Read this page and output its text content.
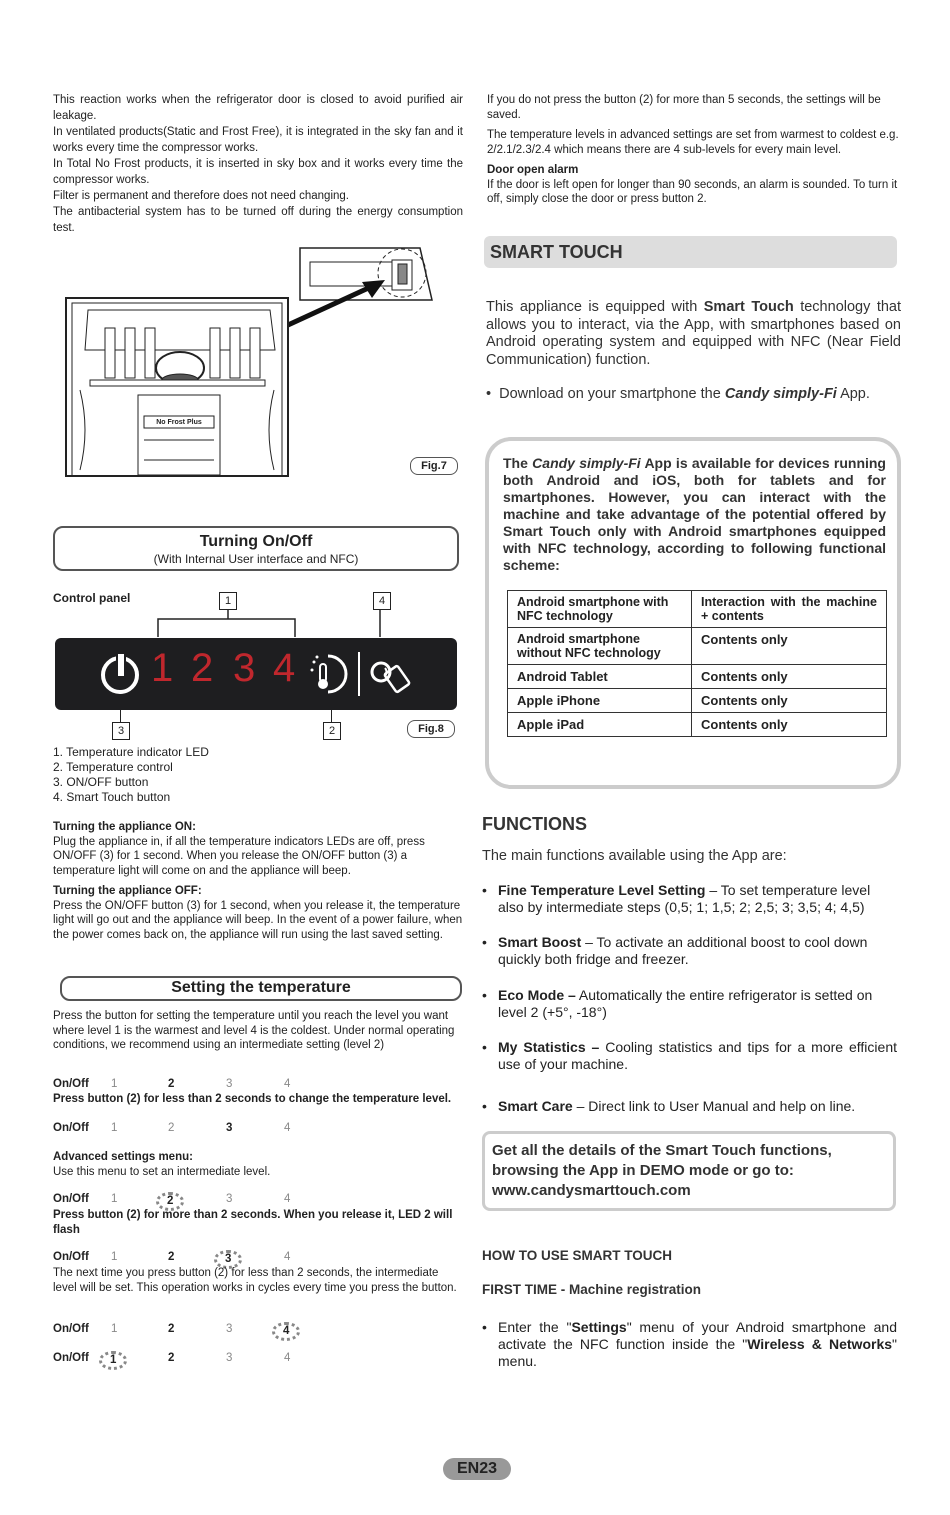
This reaction works when the refrigerator door is closed to avoid purified air leakage.

In ventilated products(Static and Frost Free), it is integrated in the sky fan and it works every time the compressor works.

In Total No Frost products, it is inserted in sky box and it works every time the compressor works.

Filter is permanent and therefore does not need changing.

The antibacterial system has to be turned off during the energy consumption test.

No Frost Plus
Fig.7
Turning On/Off
(With Internal User interface and NFC)
Control panel	1	4
1 2 3 4
3	2	Fig.8
1. Temperature indicator LED
2. Temperature control
3. ON/OFF button
4. Smart Touch button

Turning the appliance ON:

Plug the appliance in, if all the temperature indicators LEDs are off, press ON/OFF (3) for 1 second. When you release the ON/OFF button (3) a temperature light will come on and the appliance will beep.

Turning the appliance OFF:

Press the ON/OFF button (3) for 1 second, when you release it, the temperature light will go out and the appliance will beep. In the event of a power failure, when the power comes back on, the appliance will run using the last saved setting.

Setting the temperature

Press the button for setting the temperature until you reach the level you want where level 1 is the warmest and level 4 is the coldest. Under normal operating conditions, we recommend using an intermediate setting (level 2)

On/Off 1	2	3	4
Press button (2) for less than 2 seconds to change the temperature level.
On/Off 1	2	3	4

Advanced settings menu:

Use this menu to set an intermediate level.

On/Off 1	2	3	4
Press button (2) for more than 2 seconds. When you release it, LED 2 will flash
On/Off 1	2	3	4

The next time you press button (2) for less than 2 seconds, the intermediate level will be set. This operation works in cycles every time you press the button.

On/Off 1	2	3	4
On/Off	1	2	3	4

If you do not press the button (2) for more than 5 seconds, the settings will be saved.

The temperature levels in advanced settings are set from warmest to coldest e.g. 2/2.1/2.3/2.4 which means there are 4 sub-levels for every main level.

Door open alarm

If the door is left open for longer than 90 seconds, an alarm is sounded. To turn it off, simply close the door or press button 2.

SMART TOUCH
This appliance is equipped with Smart Touch technology that allows you to interact, via the App, with smartphones based on Android operating system and equipped with NFC (Near Field Communication) function.
•  Download on your smartphone the Candy simply-Fi App.
The Candy simply-Fi App is available for devices running both Android and iOS, both for tablets and for smartphones. However, you can interact with the machine and take advantage of the potential offered by Smart Touch only with Android smartphones equipped with NFC technology, according to following functional scheme:
Android smartphone with NFC technology	Interaction with the machine + contents
Android smartphone without NFC technology	Contents only
Android Tablet	Contents only
Apple iPhone	Contents only
Apple iPad	Contents only
FUNCTIONS
The main functions available using the App are:
• Fine Temperature Level Setting – To set temperature level also by intermediate steps (0,5; 1; 1,5; 2; 2,5; 3; 3,5; 4; 4,5)
• Smart Boost – To activate an additional boost to cool down quickly both fridge and freezer.
• Eco Mode – Automatically the entire refrigerator is setted on level 2 (+5°, -18°)
• My Statistics – Cooling statistics and tips for a more efficient use of your machine.
• Smart Care – Direct link to User Manual and help on line.
Get all the details of the Smart Touch functions, browsing the App in DEMO mode or go to:
www.candysmarttouch.com
HOW TO USE SMART TOUCH
FIRST TIME - Machine registration
• Enter the "Settings" menu of your Android smartphone and activate the NFC function inside the "Wireless & Networks" menu.
EN23
